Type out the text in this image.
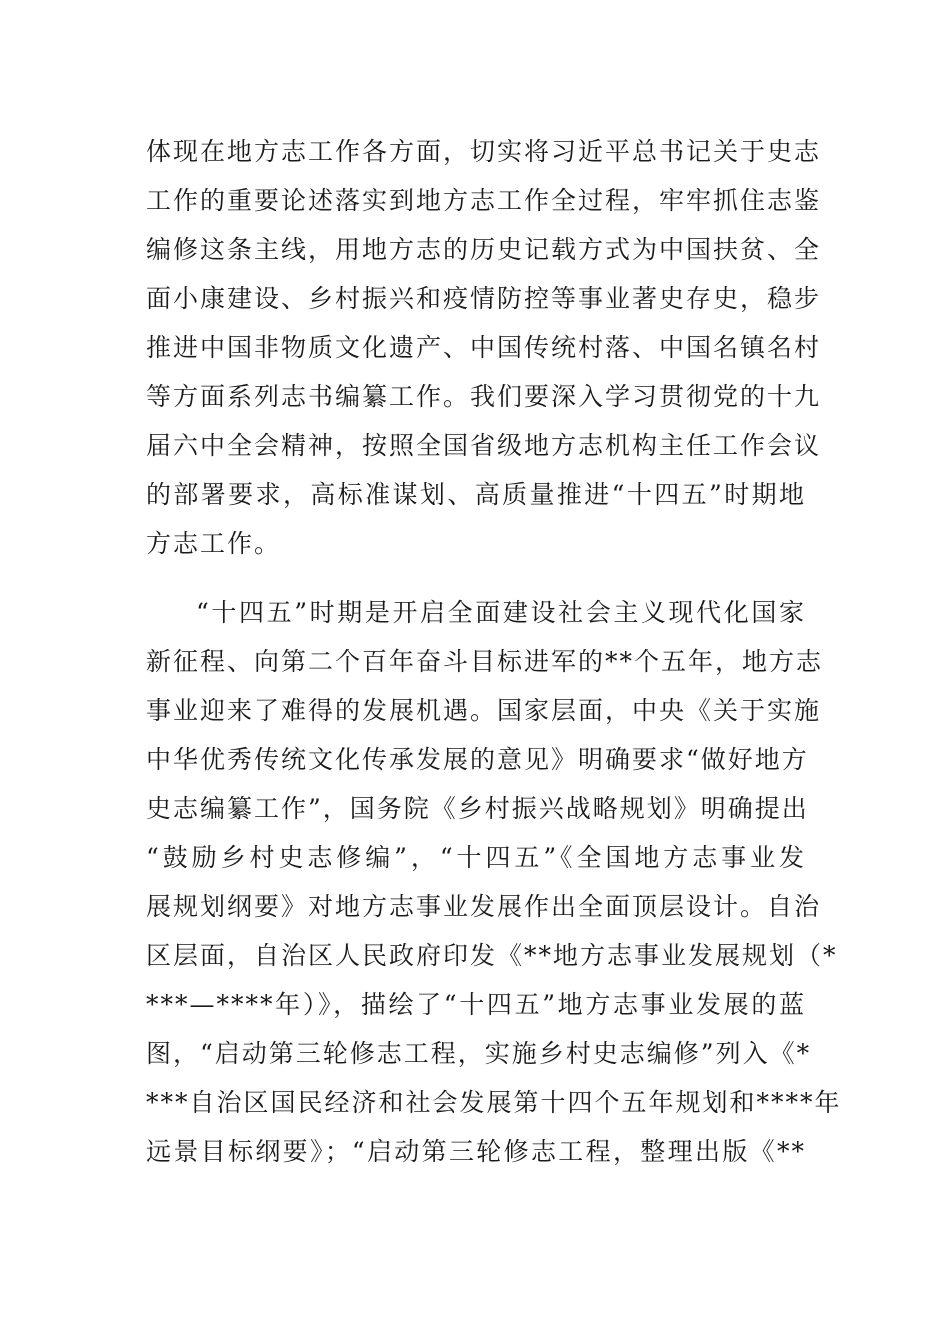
体现在地方志工作各方面，切实将习近平总书记关于史志
工作的重要论述落实到地方志工作全过程，牢牢抓住志鉴
编修这条主线，用地方志的历史记载方式为中国扶贫、全
面小康建设、乡村振兴和疫情防控等事业著史存史，稳步
推进中国非物质文化遗产、中国传统村落、中国名镇名村
等方面系列志书编纂工作。我们要深入学习贯彻党的十九
届六中全会精神，按照全国省级地方志机构主任工作会议
的部署要求，高标准谋划、高质量推进“十四五”时期地
方志工作。
“十四五”时期是开启全面建设社会主义现代化国家
新征程、向第二个百年奋斗目标进军的**个五年，地方志
事业迎来了难得的发展机遇。国家层面，中央《关于实施
中华优秀传统文化传承发展的意见》明确要求“做好地方
史志编纂工作”，国务院《乡村振兴战略规划》明确提出
“鼓励乡村史志修编”，“十四五”《全国地方志事业发
展规划纲要》对地方志事业发展作出全面顶层设计。自治
区层面，自治区人民政府印发《**地方志事业发展规划（*
***—****年）》，描绘了“十四五”地方志事业发展的蓝
图，“启动第三轮修志工程，实施乡村史志编修”列入《*
***自治区国民经济和社会发展第十四个五年规划和****年
远景目标纲要》；“启动第三轮修志工程，整理出版《**
